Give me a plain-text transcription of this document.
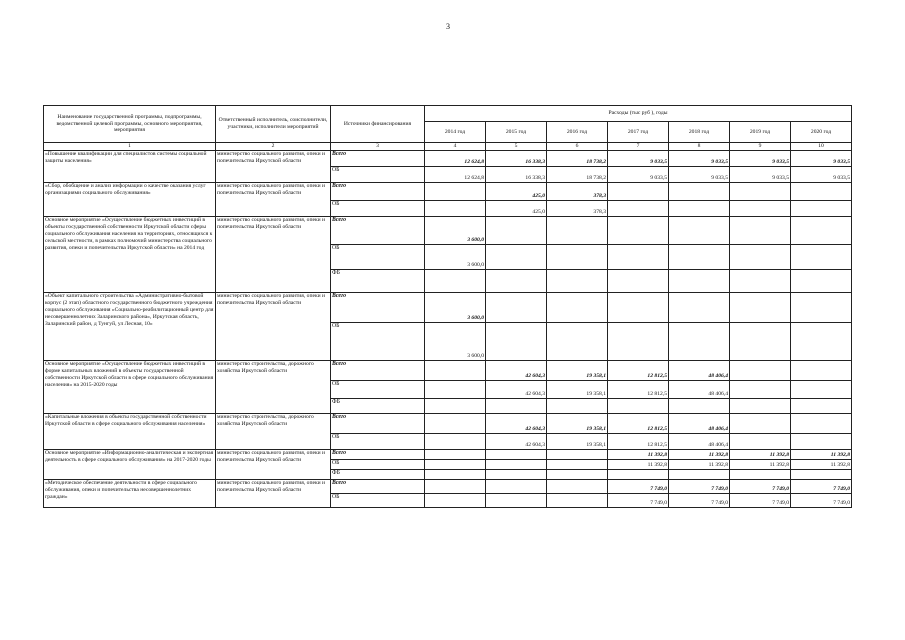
3
Наименование государственной программы, подпрограммы, ведомственной целевой программы, основного мероприятия, мероприятия	Ответственный исполнитель, соисполнители, участники, исполнители мероприятий	Источники финансирования	Расходы (тыс руб ), годы						
			2014 год	2015 год	2016 год	2017 год	2018 год	2019 год	2020 год
1	2	3	4	5	6	7	8	9	10
«Повышение квалификации для специалистов системы социальной защиты населения»	министерство социального развития, опеки и попечительства Иркутской области	Всего	12 624,8	16 338,3	18 738,2	9 033,5	9 033,5	9 033,5	9 033,5
		ОБ	12 624,8	16 338,3	18 738,2	9 033,5	9 033,5	9 033,5	9 033,5
«Сбор, обобщение и анализ информации о качестве оказания услуг организациями социального обслуживания»	министерство социального развития, опеки и попечительства Иркутской области	Всего		425,0	378,3				
		ОБ		425,0	378,3				
Основное мероприятие «Осуществление бюджетных инвестиций в объекты государственной собственности Иркутской области сферы социального обслуживания населения на территориях, относящихся к сельской местности, в рамках полномочий министерства социального развития, опеки и попечительства Иркутской области» на 2014 год	министерство социального развития, опеки и попечительства Иркутской области	Всего	3 600,0						
		ОБ	3 600,0						
		ФБ							
«Объект капитального строительства «Административно-бытовой корпус (2 этап) областного государственного бюджетного учреждения социального обслуживания «Социально-реабилитационный центр для несовершеннолетних Заларинского района», Иркутская область, Заларинский район, д Тунгуй, ул Лесная, 10»	министерство социального развития, опеки и попечительства Иркутской области	Всего	3 600,0						
		ОБ	3 600,0						
Основное мероприятие «Осуществление бюджетных инвестиций в форме капитальных вложений в объекты государственной собственности Иркутской области в сфере социального обслуживания населения» на 2015-2020 годы	министерство строительства, дорожного хозяйства Иркутской области	Всего		42 604,3	19 358,1	12 812,5	48 406,4		
		ОБ		42 604,3	19 358,1	12 812,5	48 406,4		
		ФБ							
«Капитальные вложения в объекты государственной собственности Иркутской области в сфере социального обслуживания населения»	министерство строительства, дорожного хозяйства Иркутской области	Всего		42 604,3	19 358,1	12 812,5	48 406,4		
		ОБ		42 604,3	19 358,1	12 812,5	48 406,4		
Основное мероприятие «Информационно-аналитическая и экспертная деятельность в сфере социального обслуживания» на 2017-2020 годы	министерство социального развития, опеки и попечительства Иркутской области	Всего				11 392,8	11 392,8	11 392,8	11 392,8
		ОБ				11 392,8	11 392,8	11 392,8	11 392,8
		ФБ							
«Методическое обеспечение деятельности в сфере социального обслуживания, опеки и попечительства несовершеннолетних граждан»	министерство социального развития, опеки и попечительства Иркутской области	Всего				7 749,0	7 749,0	7 749,0	7 749,0
		ОБ				7 749,0	7 749,0	7 749,0	7 749,0
